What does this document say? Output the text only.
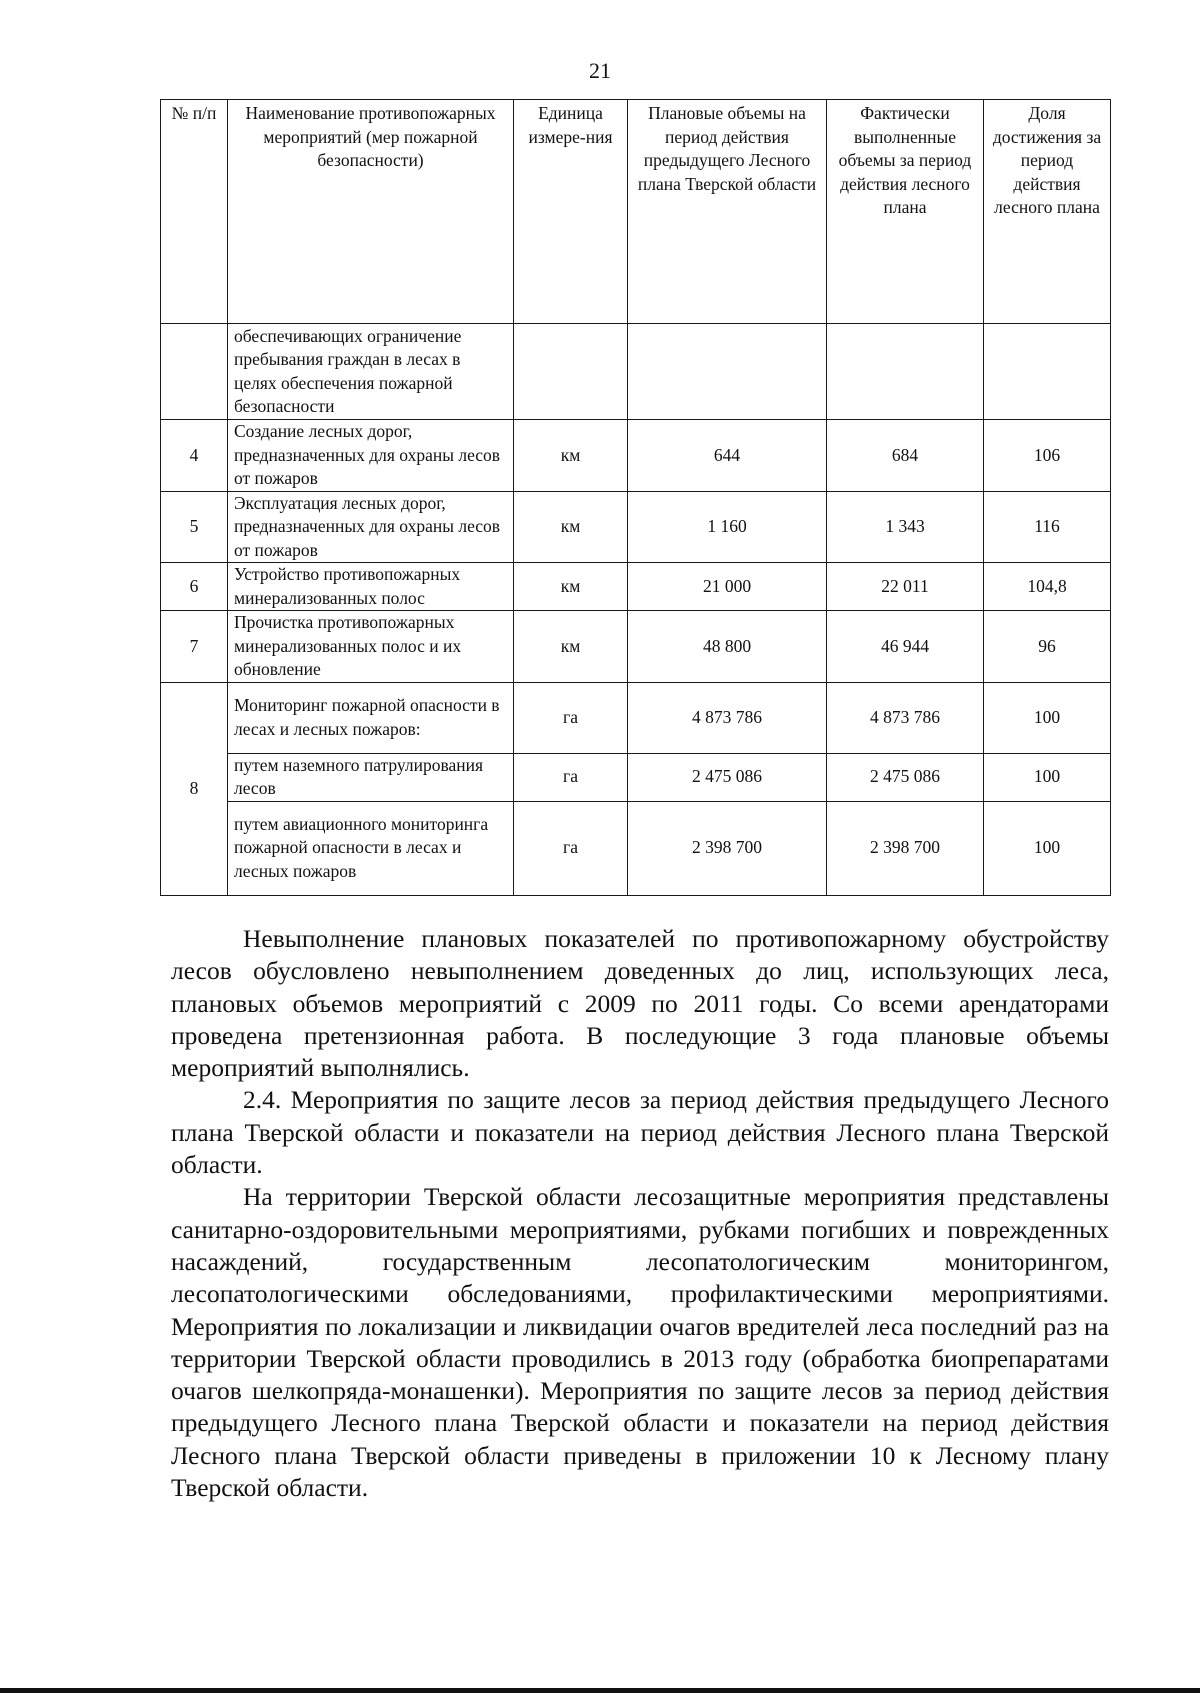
21
№ п/п	Наименование противопожарных мероприятий (мер пожарной безопасности)	Единица измере-ния	Плановые объемы на период действия предыдущего Лесного плана Тверской области	Фактически выполненные объемы за период действия лесного плана	Доля достижения за период действия лесного плана
	обеспечивающих ограничение пребывания граждан в лесах в целях обеспечения пожарной безопасности				
4	Создание лесных дорог, предназначенных для охраны лесов от пожаров	км	644	684	106
5	Эксплуатация лесных дорог, предназначенных для охраны лесов от пожаров	км	1 160	1 343	116
6	Устройство противопожарных минерализованных полос	км	21 000	22 011	104,8
7	Прочистка противопожарных минерализованных полос и их обновление	км	48 800	46 944	96
8	Мониторинг пожарной опасности в лесах и лесных пожаров:	га	4 873 786	4 873 786	100
	путем наземного патрулирования лесов	га	2 475 086	2 475 086	100
	путем авиационного мониторинга пожарной опасности в лесах и лесных пожаров	га	2 398 700	2 398 700	100

Невыполнение плановых показателей по противопожарному обустройству лесов обусловлено невыполнением доведенных до лиц, использующих леса, плановых объемов мероприятий с 2009 по 2011 годы. Со всеми арендаторами проведена претензионная работа. В последующие 3 года плановые объемы мероприятий выполнялись.

2.4. Мероприятия по защите лесов за период действия предыдущего Лесного плана Тверской области и показатели на период действия Лесного плана Тверской области.

На территории Тверской области лесозащитные мероприятия представлены санитарно-оздоровительными мероприятиями, рубками погибших и поврежденных насаждений, государственным лесопатологическим мониторингом, лесопатологическими обследованиями, профилактическими мероприятиями. Мероприятия по локализации и ликвидации очагов вредителей леса последний раз на территории Тверской области проводились в 2013 году (обработка биопрепаратами очагов шелкопряда-монашенки). Мероприятия по защите лесов за период действия предыдущего Лесного плана Тверской области и показатели на период действия Лесного плана Тверской области приведены в приложении 10 к Лесному плану Тверской области.
